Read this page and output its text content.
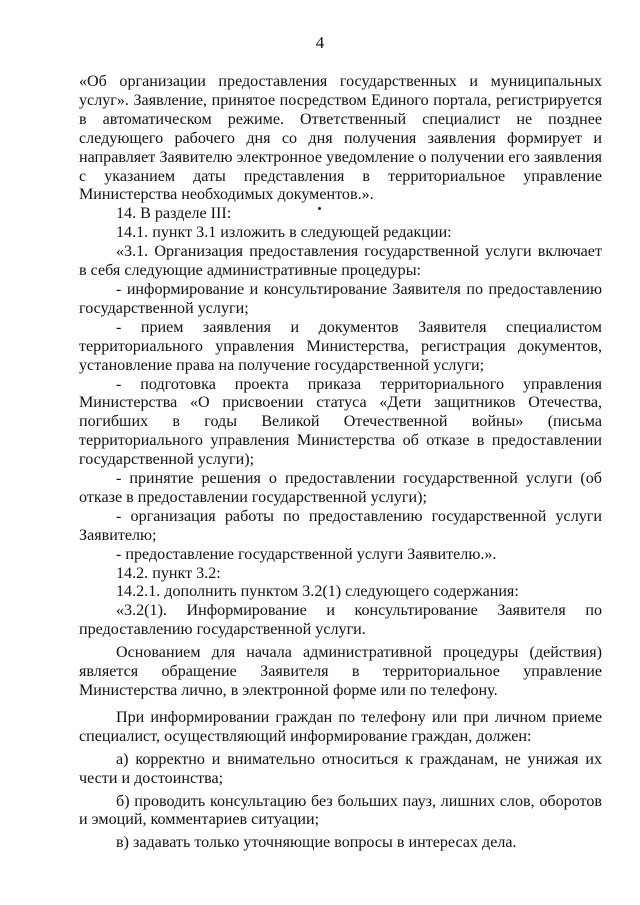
4

«Об организации предоставления государственных и муниципальных услуг». Заявление, принятое посредством Единого портала, регистрируется в автоматическом режиме. Ответственный специалист не позднее следующего рабочего дня со дня получения заявления формирует и направляет Заявителю электронное уведомление о получении его заявления с указанием даты представления в территориальное управление Министерства необходимых документов.».

14. В разделе III:

14.1. пункт 3.1 изложить в следующей редакции:

«3.1. Организация предоставления государственной услуги включает в себя следующие административные процедуры:

- информирование и консультирование Заявителя по предоставлению государственной услуги;

- прием заявления и документов Заявителя специалистом территориального управления Министерства, регистрация документов, установление права на получение государственной услуги;

- подготовка проекта приказа территориального управления Министерства «О присвоении статуса «Дети защитников Отечества, погибших в годы Великой Отечественной войны» (письма территориального управления Министерства об отказе в предоставлении государственной услуги);

- принятие решения о предоставлении государственной услуги (об отказе в предоставлении государственной услуги);

- организация работы по предоставлению государственной услуги Заявителю;

- предоставление государственной услуги Заявителю.».

14.2. пункт 3.2:

14.2.1. дополнить пунктом 3.2(1) следующего содержания:

«3.2(1). Информирование и консультирование Заявителя по предоставлению государственной услуги.

Основанием для начала административной процедуры (действия) является обращение Заявителя в территориальное управление Министерства лично, в электронной форме или по телефону.

При информировании граждан по телефону или при личном приеме специалист, осуществляющий информирование граждан, должен:

а) корректно и внимательно относиться к гражданам, не унижая их чести и достоинства;

б) проводить консультацию без больших пауз, лишних слов, оборотов и эмоций, комментариев ситуации;

в) задавать только уточняющие вопросы в интересах дела.
